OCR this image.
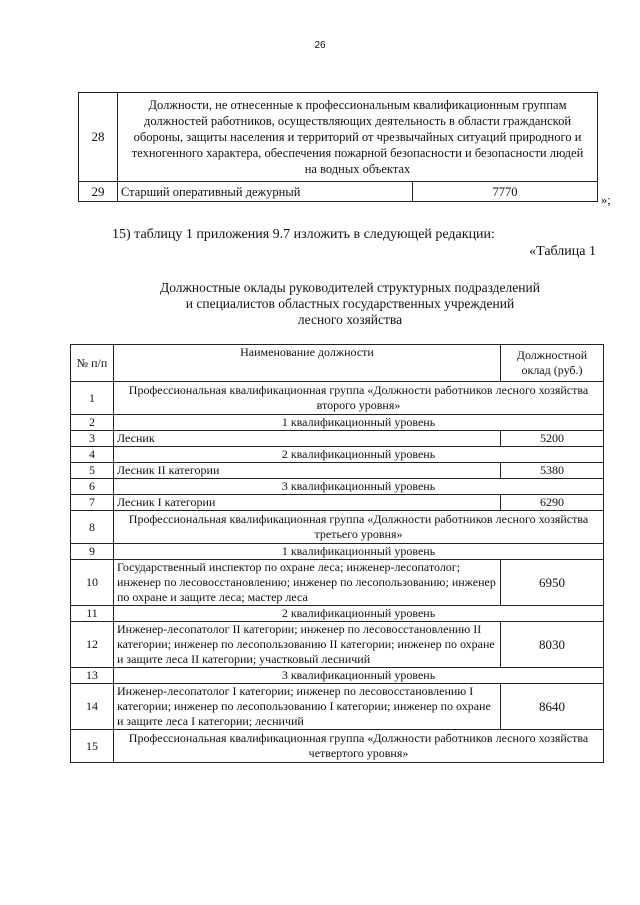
26
28	Должности, не отнесенные к профессиональным квалификационным группам должностей работников, осуществляющих деятельность в области гражданской обороны, защиты населения и территорий от чрезвычайных ситуаций природного и техногенного характера, обеспечения пожарной безопасности и безопасности людей на водных объектах	
29	Старший оперативный дежурный	7770
»;
15) таблицу 1 приложения 9.7 изложить в следующей редакции:
«Таблица 1
Должностные оклады руководителей структурных подразделений
и специалистов областных государственных учреждений
лесного хозяйства
№ п/п	Наименование должности	Должностной оклад (руб.)
1	Профессиональная квалификационная группа «Должности работников лесного хозяйства второго уровня»	
2	1 квалификационный уровень	
3	Лесник	5200
4	2 квалификационный уровень	
5	Лесник II категории	5380
6	3 квалификационный уровень	
7	Лесник I категории	6290
8	Профессиональная квалификационная группа «Должности работников лесного хозяйства третьего уровня»	
9	1 квалификационный уровень	
10	Государственный инспектор по охране леса; инженер-лесопатолог; инженер по лесовосстановлению; инженер по лесопользованию; инженер по охране и защите леса; мастер леса	6950
11	2 квалификационный уровень	
12	Инженер-лесопатолог II категории; инженер по лесовосстановлению II категории; инженер по лесопользованию II категории; инженер по охране и защите леса II категории; участковый лесничий	8030
13	3 квалификационный уровень	
14	Инженер-лесопатолог I категории; инженер по лесовосстановлению I категории; инженер по лесопользованию I категории; инженер по охране и защите леса I категории; лесничий	8640
15	Профессиональная квалификационная группа «Должности работников лесного хозяйства четвертого уровня»	
